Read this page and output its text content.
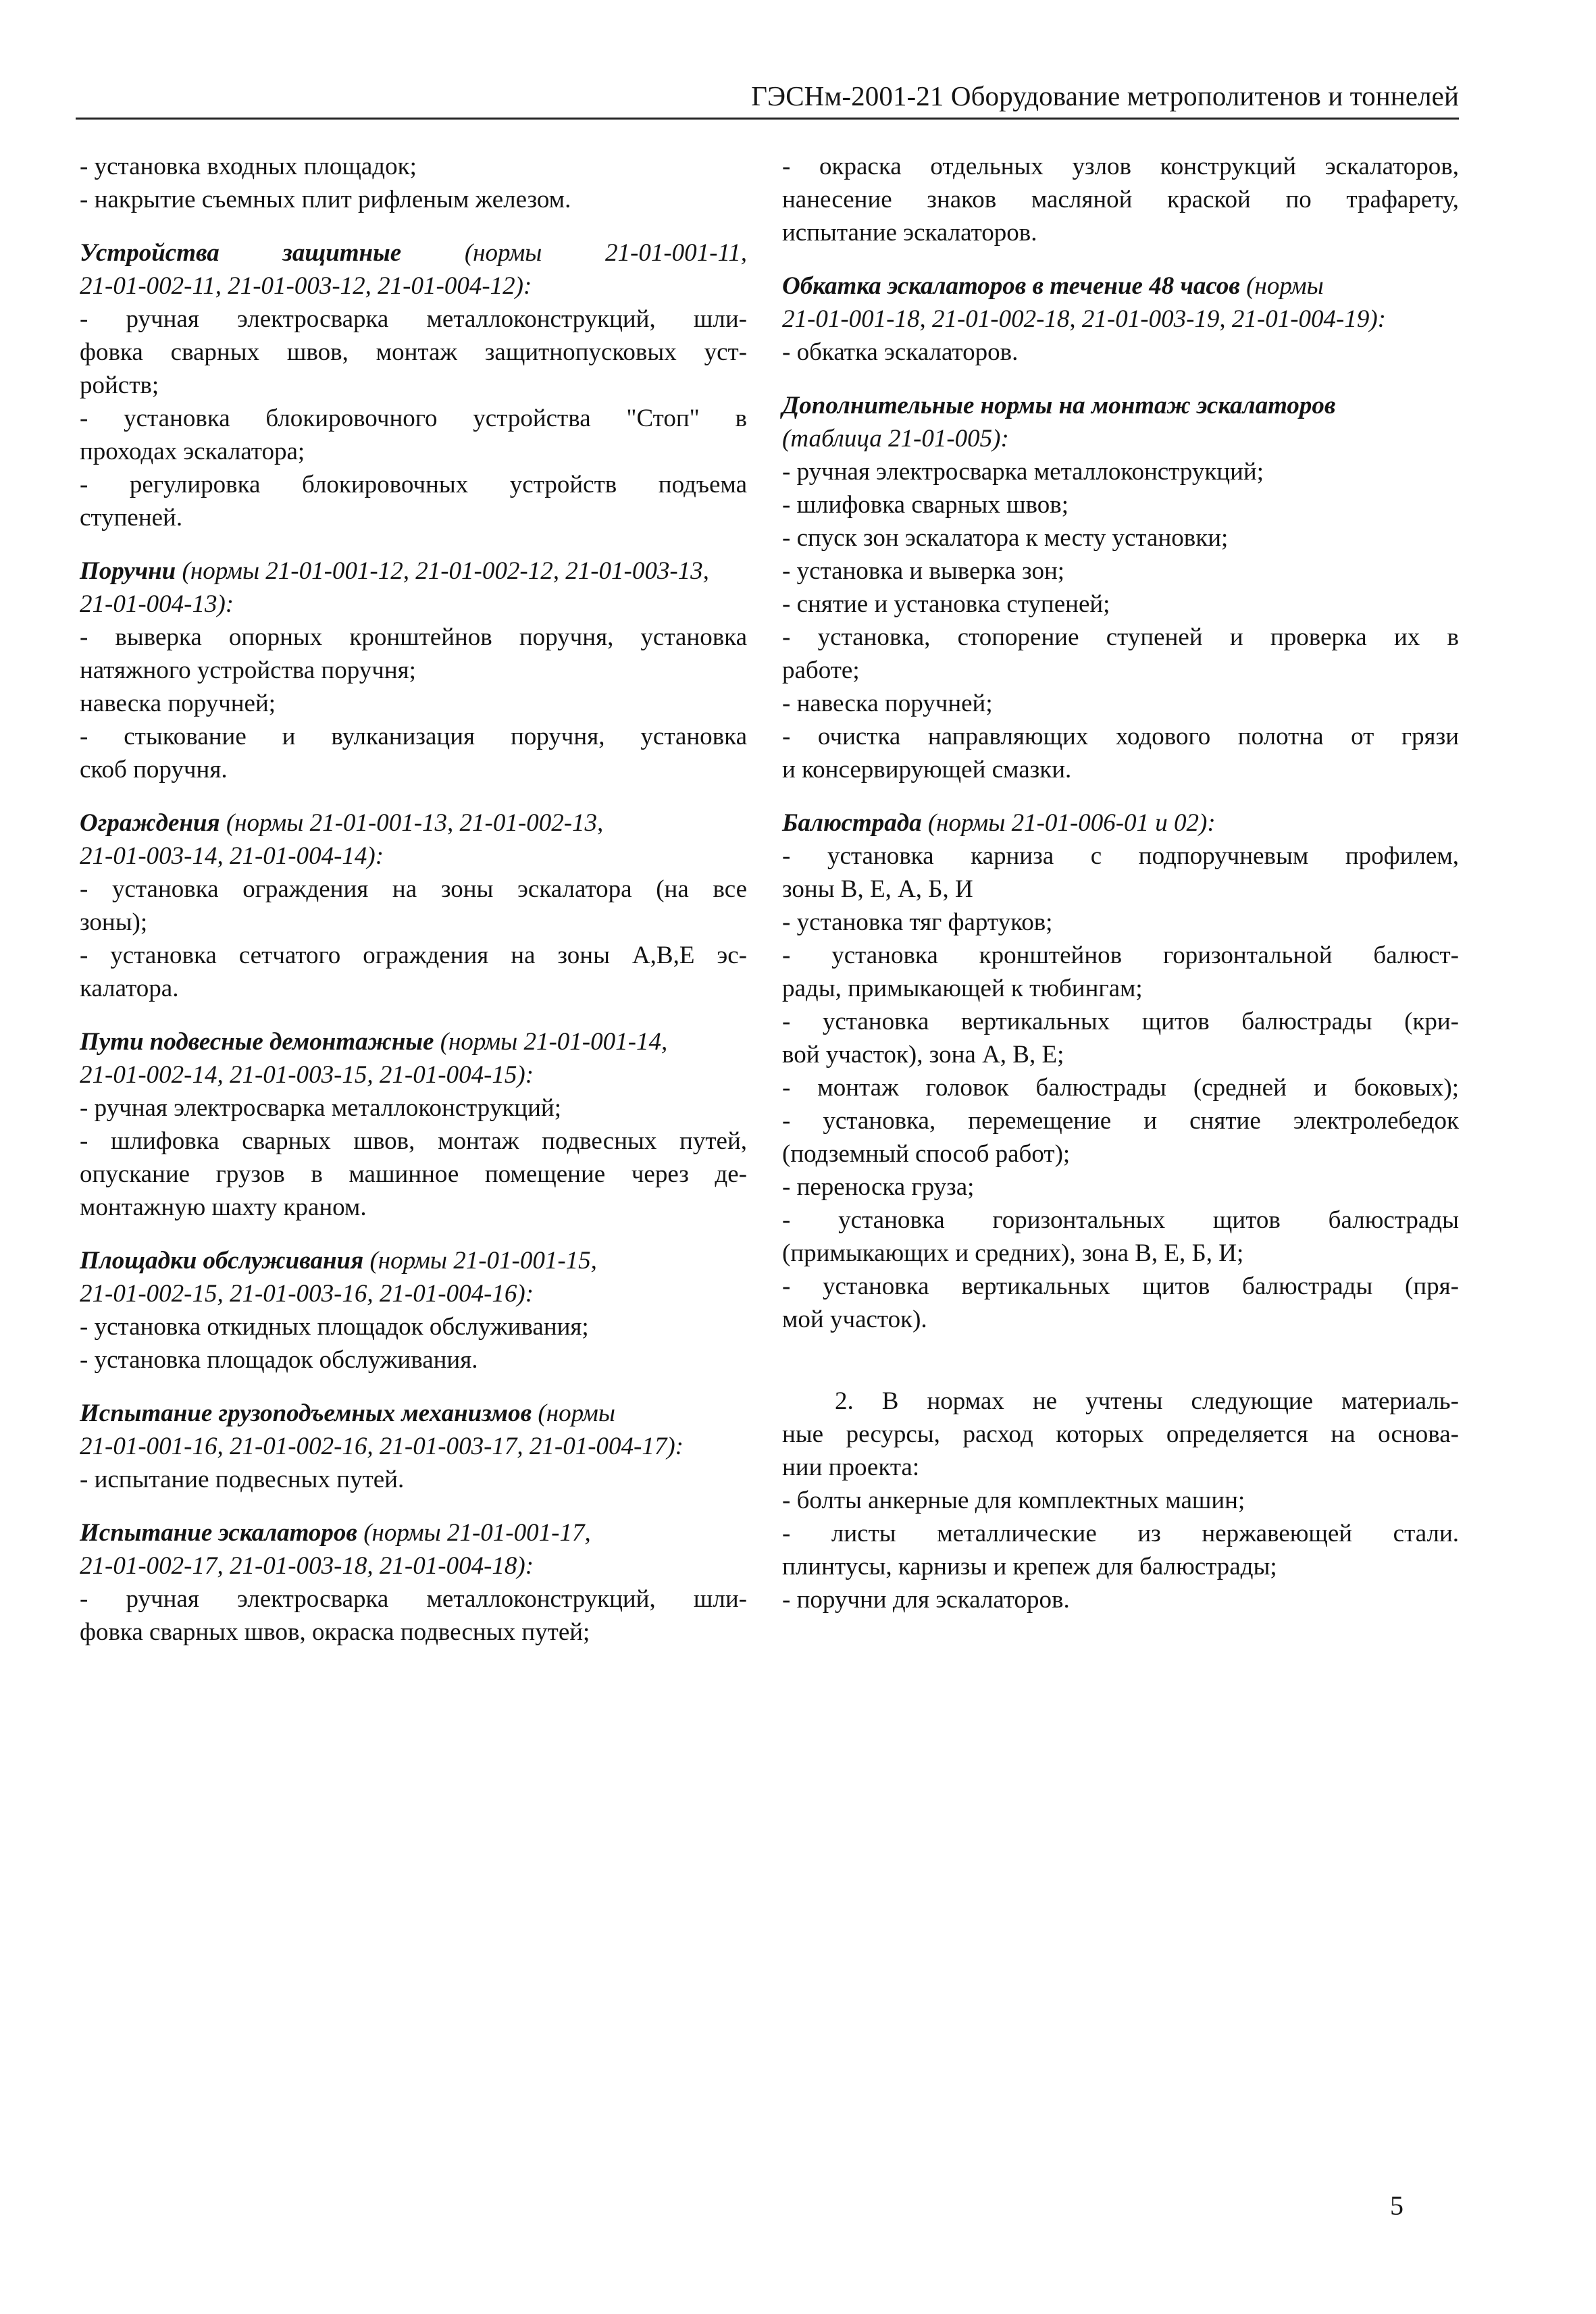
ГЭСНм-2001-21 Оборудование метрополитенов и тоннелей
- установка входных площадок;
- накрытие съемных плит рифленым железом.
Устройства защитные	(нормы 21-01-001-11,
21-01-002-11, 21-01-003-12, 21-01-004-12):
- ручная электросварка металлоконструкций, шли-
фовка сварных швов, монтаж защитнопусковых уст-
ройств;
- установка блокировочного устройства "Стоп" в
проходах эскалатора;
- регулировка блокировочных устройств подъема
ступеней.
Поручни (нормы 21-01-001-12, 21-01-002-12, 21-01-003-13,
21-01-004-13):
- выверка опорных кронштейнов поручня, установка
натяжного устройства поручня;
навеска поручней;
- стыкование и вулканизация поручня, установка
скоб поручня.
Ограждения (нормы 21-01-001-13, 21-01-002-13,
21-01-003-14, 21-01-004-14):
- установка ограждения на зоны эскалатора (на все
зоны);
- установка сетчатого ограждения на зоны А,В,Е эс-
калатора.
Пути подвесные демонтажные (нормы 21-01-001-14,
21-01-002-14, 21-01-003-15, 21-01-004-15):
- ручная электросварка металлоконструкций;
- шлифовка сварных швов, монтаж подвесных путей,
опускание грузов в машинное помещение через де-
монтажную шахту краном.
Площадки обслуживания (нормы 21-01-001-15,
21-01-002-15, 21-01-003-16, 21-01-004-16):
- установка откидных площадок обслуживания;
- установка площадок обслуживания.
Испытание грузоподъемных механизмов (нормы
21-01-001-16, 21-01-002-16, 21-01-003-17, 21-01-004-17):
- испытание подвесных путей.
Испытание эскалаторов (нормы 21-01-001-17,
21-01-002-17, 21-01-003-18, 21-01-004-18):
- ручная электросварка металлоконструкций, шли-
фовка сварных швов, окраска подвесных путей;
- окраска отдельных узлов конструкций эскалаторов,
нанесение знаков масляной краской по трафарету,
испытание эскалаторов.
Обкатка эскалаторов в течение 48 часов (нормы
21-01-001-18, 21-01-002-18, 21-01-003-19, 21-01-004-19):
- обкатка эскалаторов.
Дополнительные нормы на монтаж эскалаторов
(таблица 21-01-005):
- ручная электросварка металлоконструкций;
- шлифовка сварных швов;
- спуск зон эскалатора к месту установки;
- установка и выверка зон;
- снятие и установка ступеней;
- установка, стопорение ступеней и проверка их в
работе;
- навеска поручней;
- очистка направляющих ходового полотна от грязи
и консервирующей смазки.
Балюстрада (нормы 21-01-006-01 и 02):
- установка карниза с подпоручневым профилем,
зоны В, Е, А, Б, И
- установка тяг фартуков;
- установка кронштейнов горизонтальной балюст-
рады, примыкающей к тюбингам;
- установка вертикальных щитов балюстрады (кри-
вой участок), зона А, В, Е;
- монтаж головок балюстрады (средней и боковых);
- установка, перемещение и снятие электролебедок
(подземный способ работ);
- переноска груза;
- установка горизонтальных щитов балюстрады
(примыкающих и средних), зона В, Е, Б, И;
- установка вертикальных щитов балюстрады (пря-
мой участок).
2. В нормах не учтены следующие материаль-
ные ресурсы, расход которых определяется на основа-
нии проекта:
- болты анкерные для комплектных машин;
- листы металлические из нержавеющей стали.
плинтусы, карнизы и крепеж для балюстрады;
- поручни для эскалаторов.
5
